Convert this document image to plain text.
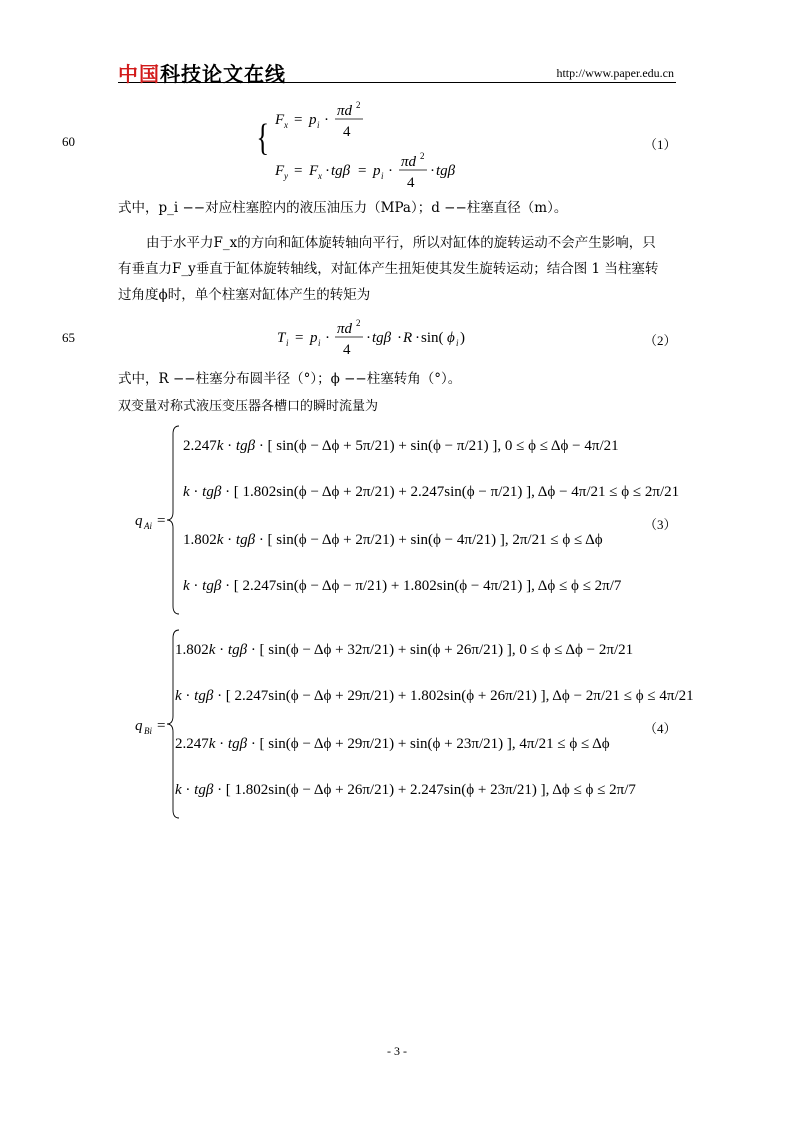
中国科技论文在线	http://www.paper.edu.cn
60
65
（1）
（2）
（3）
（4）
{ F x = p i ·
πd 2
4
F y = F x · tgβ = p i ·
πd 2
4
· tgβ
式中，p_i −−对应柱塞腔内的液压油压力（MPa）；d −−柱塞直径（m）。
由于水平力F_x的方向和缸体旋转轴向平行，所以对缸体的旋转运动不会产生影响，只
有垂直力F_y垂直于缸体旋转轴线，对缸体产生扭矩使其发生旋转运动；结合图 1 当柱塞转
过角度ϕ时，单个柱塞对缸体产生的转矩为
T i = p i ·
πd 2
4
· tgβ · R · sin( ϕ i )
式中，R −−柱塞分布圆半径（°）；ϕ −−柱塞转角（°）。
双变量对称式液压变压器各槽口的瞬时流量为
q Ai =
2.247k · tgβ · [ sin(ϕ − Δϕ + 5π/21) + sin(ϕ − π/21) ], 0 ≤ ϕ ≤ Δϕ − 4π/21
k · tgβ · [ 1.802sin(ϕ − Δϕ + 2π/21) + 2.247sin(ϕ − π/21) ], Δϕ − 4π/21 ≤ ϕ ≤ 2π/21
1.802k · tgβ · [ sin(ϕ − Δϕ + 2π/21) + sin(ϕ − 4π/21) ], 2π/21 ≤ ϕ ≤ Δϕ
k · tgβ · [ 2.247sin(ϕ − Δϕ − π/21) + 1.802sin(ϕ − 4π/21) ], Δϕ ≤ ϕ ≤ 2π/7
q Bi =
1.802k · tgβ · [ sin(ϕ − Δϕ + 32π/21) + sin(ϕ + 26π/21) ], 0 ≤ ϕ ≤ Δϕ − 2π/21
k · tgβ · [ 2.247sin(ϕ − Δϕ + 29π/21) + 1.802sin(ϕ + 26π/21) ], Δϕ − 2π/21 ≤ ϕ ≤ 4π/21
2.247k · tgβ · [ sin(ϕ − Δϕ + 29π/21) + sin(ϕ + 23π/21) ], 4π/21 ≤ ϕ ≤ Δϕ
k · tgβ · [ 1.802sin(ϕ − Δϕ + 26π/21) + 2.247sin(ϕ + 23π/21) ], Δϕ ≤ ϕ ≤ 2π/7
- 3 -
